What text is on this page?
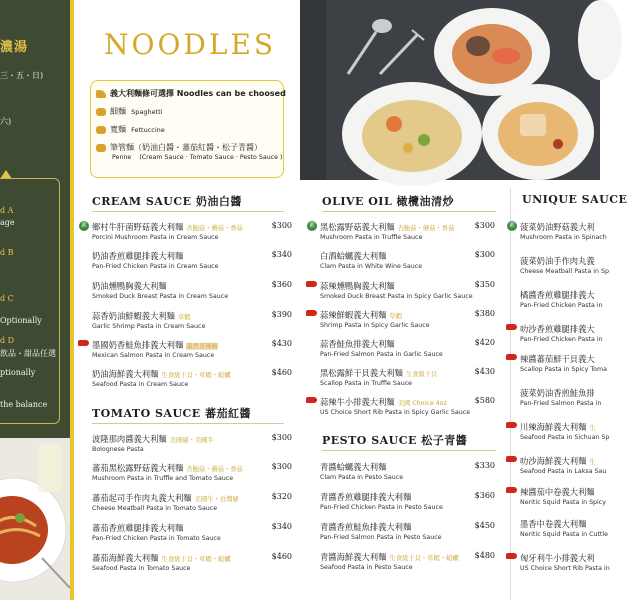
濃湯
三・五・日)
六)
d A
age
d B
d C
Optionally
飲品・甜品任選
d D
ptionally
the balance
NOODLES
義大利麵條可選擇 Noodles can be choosed
細麵 Spaghetti
寬麵 Fettuccine
筆管麵（奶油白醬・蕃茄紅醬・松子青醬）
Penne (Cream Sauce · Tomato Sauce · Pesto Sauce )
CREAM SAUCE 奶油白醬
素 鄉村牛肝菌野菇義大利麵 杏鮑菇・蘑菇・香菇
Porcini Mushroom Pasta in Cream Sauce
$300
奶油香煎雞腿排義大利麵
Pan-Fried Chicken Pasta in Cream Sauce
$340
奶油燻鴨胸義大利麵
Smoked Duck Breast Pasta in Cream Sauce
$360
蒜香奶油鮮蝦義大利麵 草蝦
Garlic Shrimp Pasta in Cream Sauce
$390
墨國奶香鮭魚排義大利麵 墨西哥辣椒
Mexican Salmon Pasta in Cream Sauce
$430
奶油海鮮義大利麵 生食級干貝・草蝦・蛤蠣
Seafood Pasta in Cream Sauce
$460
TOMATO SAUCE 蕃茄紅醬
波隆那肉醬義大利麵 美國豬・美國牛
Bolognese Pasta
$300
蕃茄黑松露野菇義大利麵 杏鮑菇・蘑菇・香菇
Mushroom Pasta in Truffle and Tomato Sauce
$300
蕃茄起司手作肉丸義大利麵 美國牛・台灣豬
Cheese Meatball Pasta in Tomato Sauce
$320
蕃茄香煎雞腿排義大利麵
Pan-Fried Chicken Pasta in Tomato Sauce
$340
蕃茄海鮮義大利麵 生食級干貝・草蝦・蛤蠣
Seafood Pasta in Tomato Sauce
$460
OLIVE OIL 橄欖油清炒
素 黑松露野菇義大利麵 杏鮑菇・蘑菇・香菇
Mushroom Pasta in Truffle Sauce
$300
白酒蛤蠣義大利麵
Clam Pasta in White Wine Sauce
$300
蒜辣燻鴨胸義大利麵
Smoked Duck Breast Pasta in Spicy Garlic Sauce
$350
蒜辣鮮蝦義大利麵 草蝦
Shrimp Pasta in Spicy Garlic Sauce
$380
蒜香鮭魚排義大利麵
Pan-Fried Salmon Pasta in Garlic Sauce
$420
黑松露鮮干貝義大利麵 生食級干貝
Scallop Pasta in Truffle Sauce
$430
蒜辣牛小排義大利麵 美國 Choice 4oz
US Choice Short Rib Pasta in Spicy Garlic Sauce
$580
PESTO SAUCE 松子青醬
青醬蛤蠣義大利麵
Clam Pasta in Pesto Sauce
$330
青醬香煎雞腿排義大利麵
Pan-Fried Chicken Pasta in Pesto Sauce
$360
青醬香煎鮭魚排義大利麵
Pan-Fried Salmon Pasta in Pesto Sauce
$450
青醬海鮮義大利麵 生食級干貝・草蝦・蛤蠣
Seafood Pasta in Pesto Sauce
$480
UNIQUE SAUCE
素 菠菜奶油野菇義大利
Mushroom Pasta in Spinach
菠菜奶油手作肉丸義
Cheese Meatball Pasta in Sp
橘醬香煎雞腿排義大
Pan-Fried Chicken Pasta in
叻沙香煎雞腿排義大
Pan-Fried Chicken Pasta in
辣醬蕃茄鮮干貝義大
Scallop Pasta in Spicy Toma
菠菜奶油香煎鮭魚排
Pan-Fried Salmon Pasta in
川辣海鮮義大利麵 生
Seafood Pasta in Sichuan Sp
叻沙海鮮義大利麵 生
Seafood Pasta in Laksa Sau
辣醬茄中卷義大利麵
Neritic Squid Pasta in Spicy
墨香中卷義大利麵
Neritic Squid Pasta in Cuttle
匈牙利牛小排義大利
US Choice Short Rib Pasta in
